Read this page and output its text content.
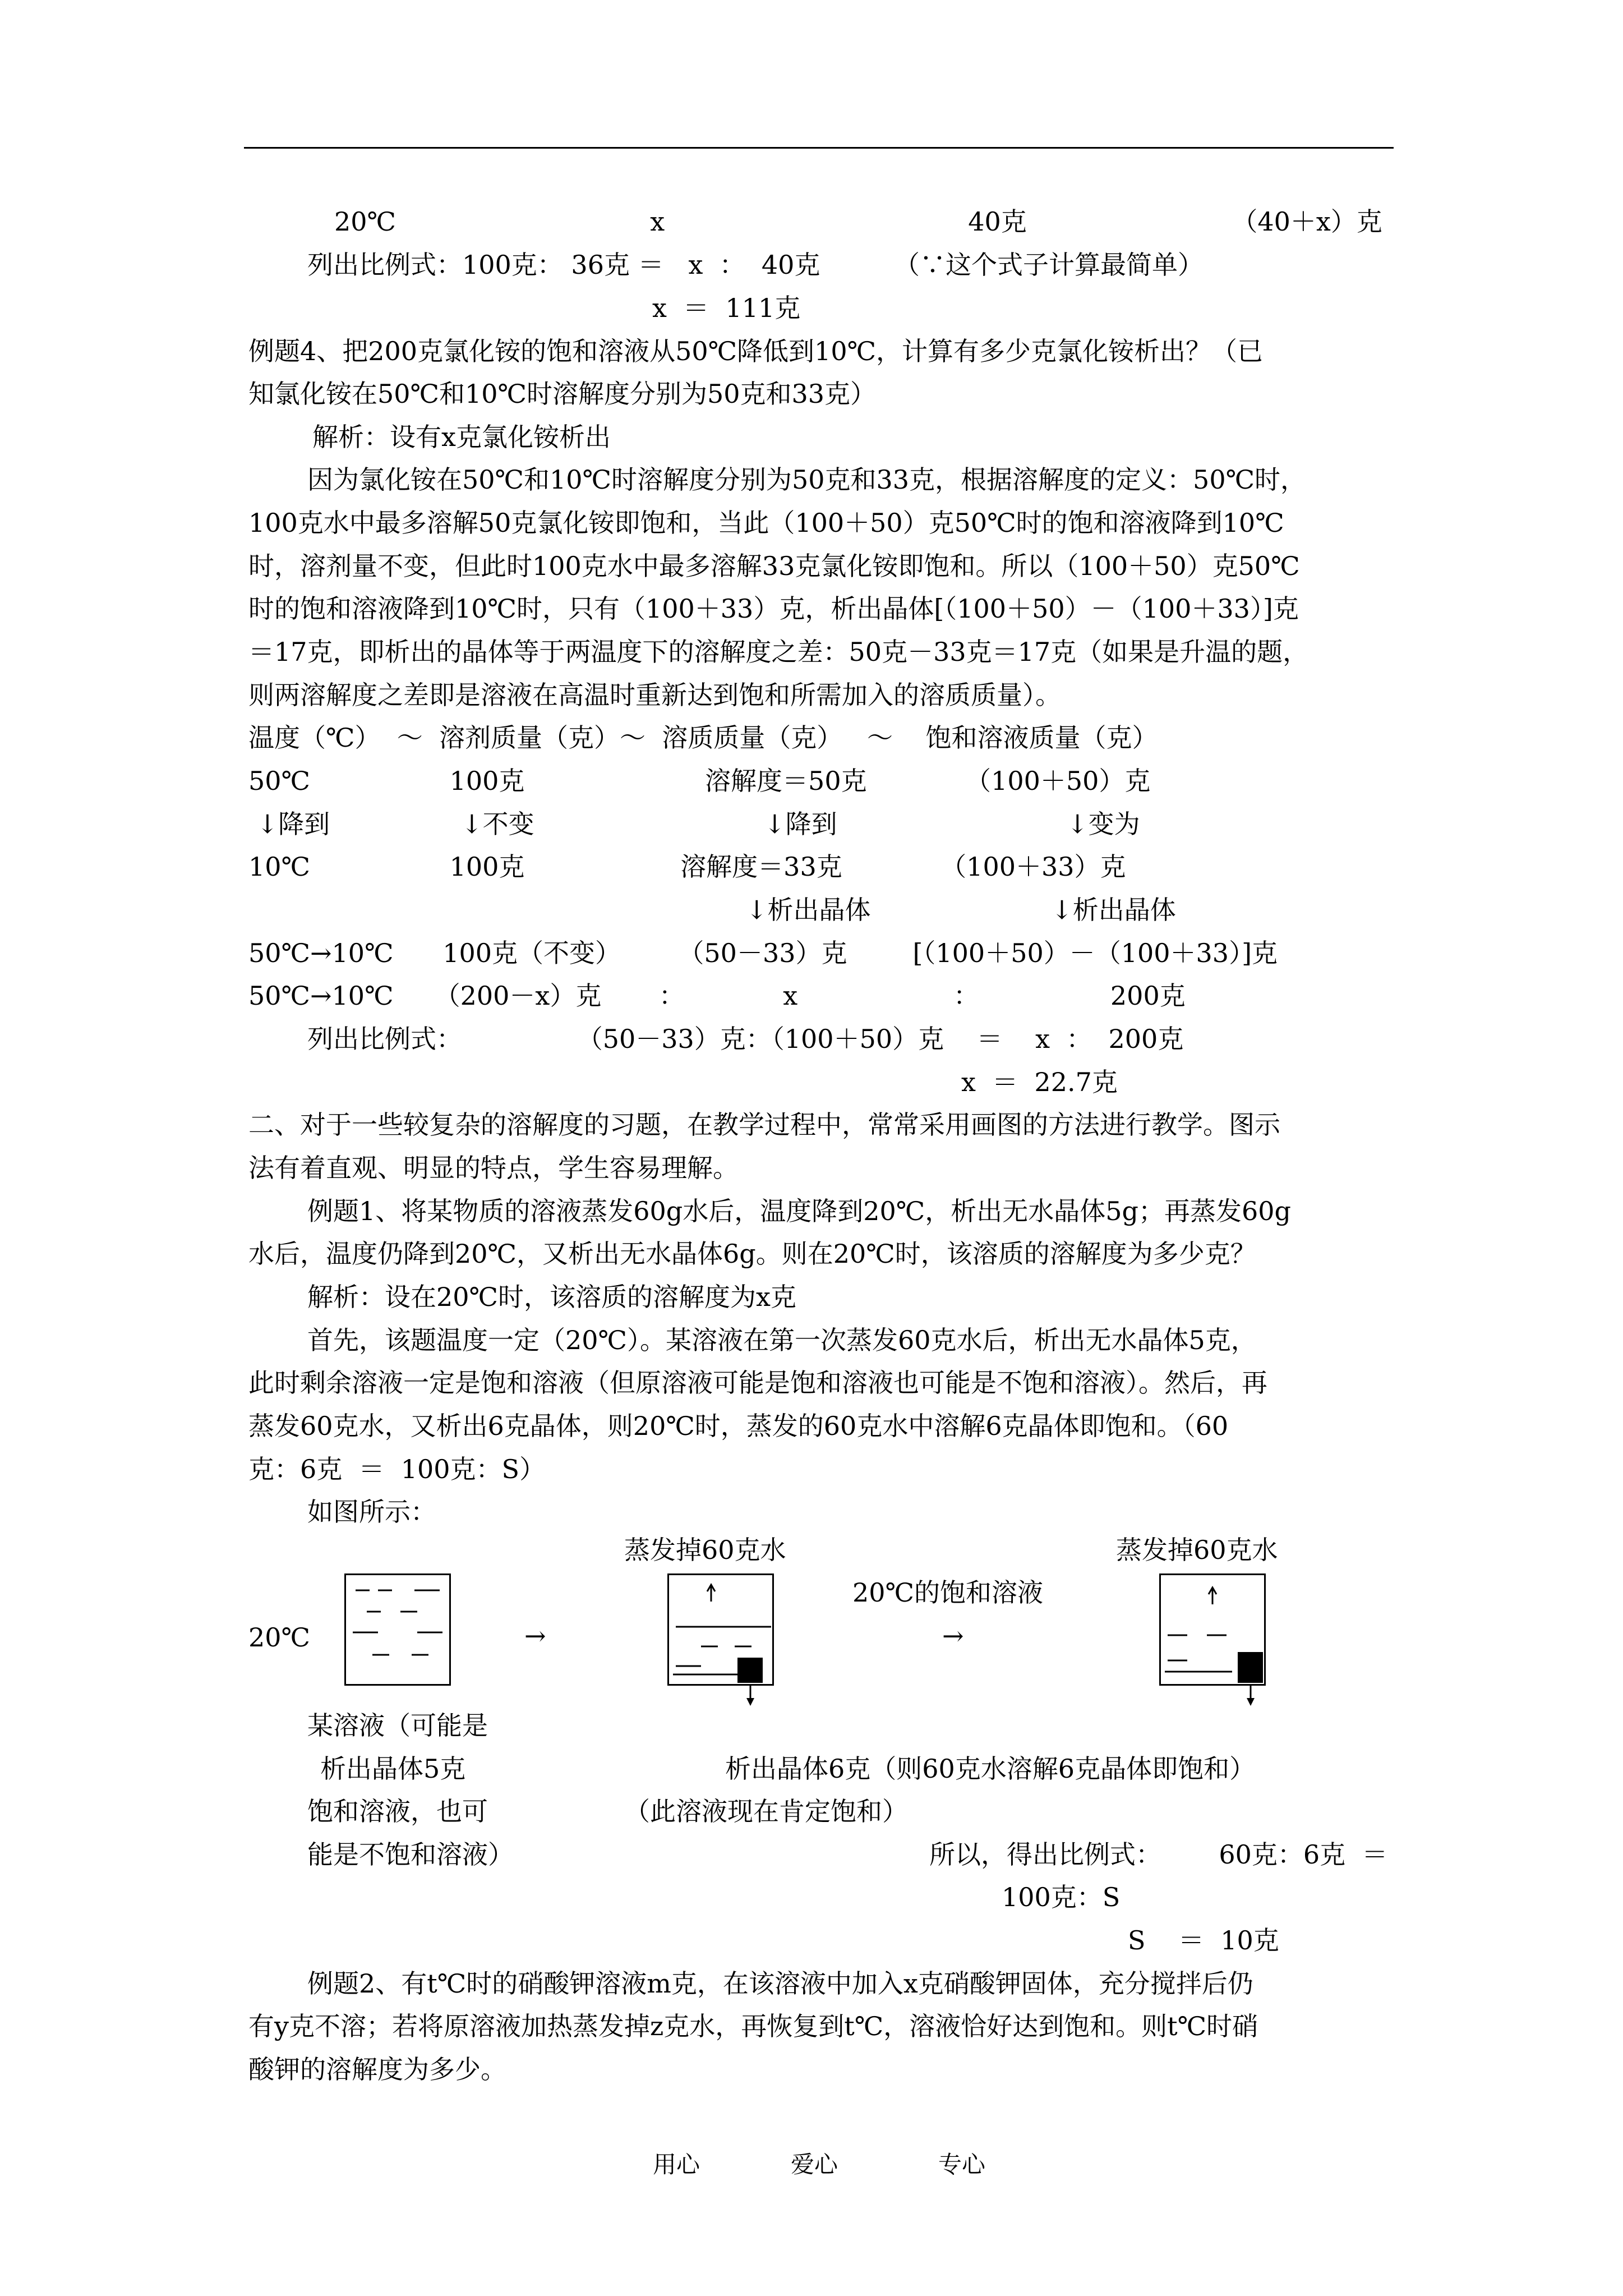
20℃                               x                                     40克                         （40＋x）克
列出比例式：100克： 36克 ＝   x  ：  40克         （∵这个式子计算最简单）
x  ＝  111克
例题4、把200克氯化铵的饱和溶液从50℃降低到10℃，计算有多少克氯化铵析出？（已
知氯化铵在50℃和10℃时溶解度分别为50克和33克）
解析：设有x克氯化铵析出
因为氯化铵在50℃和10℃时溶解度分别为50克和33克，根据溶解度的定义：50℃时，
100克水中最多溶解50克氯化铵即饱和，当此（100＋50）克50℃时的饱和溶液降到10℃
时，溶剂量不变，但此时100克水中最多溶解33克氯化铵即饱和。所以（100＋50）克50℃
时的饱和溶液降到10℃时，只有（100＋33）克，析出晶体[（100＋50）－（100＋33）]克
＝17克，即析出的晶体等于两温度下的溶解度之差：50克－33克＝17克（如果是升温的题，
则两溶解度之差即是溶液在高温时重新达到饱和所需加入的溶质质量）。
温度（℃）  ～  溶剂质量（克）～  溶质质量（克）   ～    饱和溶液质量（克）
50℃                 100克                      溶解度＝50克            （100＋50）克
↓降到                ↓不变                            ↓降到                            ↓变为
10℃                 100克                   溶解度＝33克            （100＋33）克
↓析出晶体                      ↓析出晶体
50℃→10℃      100克（不变）       （50－33）克        [（100＋50）－（100＋33）]克
50℃→10℃     （200－x）克       ：            x                   ：                200克
列出比例式：              （50－33）克：（100＋50）克    ＝    x  ：  200克
x  ＝  22.7克
二、对于一些较复杂的溶解度的习题，在教学过程中，常常采用画图的方法进行教学。图示
法有着直观、明显的特点，学生容易理解。
例题1、将某物质的溶液蒸发60g水后，温度降到20℃，析出无水晶体5g；再蒸发60g
水后，温度仍降到20℃，又析出无水晶体6g。则在20℃时，该溶质的溶解度为多少克？
解析：设在20℃时，该溶质的溶解度为x克
首先，该题温度一定（20℃）。某溶液在第一次蒸发60克水后，析出无水晶体5克，
此时剩余溶液一定是饱和溶液（但原溶液可能是饱和溶液也可能是不饱和溶液）。然后，再
蒸发60克水，又析出6克晶体，则20℃时，蒸发的60克水中溶解6克晶体即饱和。（60
克：6克  ＝  100克：S）
如图所示：
蒸发掉60克水	蒸发掉60克水
20℃的饱和溶液
20℃	→	→
某溶液（可能是
析出晶体5克
饱和溶液，也可
能是不饱和溶液）
析出晶体6克（则60克水溶解6克晶体即饱和）
（此溶液现在肯定饱和）
所以，得出比例式：       60克：6克  ＝
100克：S
S    ＝  10克
例题2、有t℃时的硝酸钾溶液m克，在该溶液中加入x克硝酸钾固体，充分搅拌后仍
有y克不溶；若将原溶液加热蒸发掉z克水，再恢复到t℃，溶液恰好达到饱和。则t℃时硝
酸钾的溶解度为多少。
用心	爱心	专心
